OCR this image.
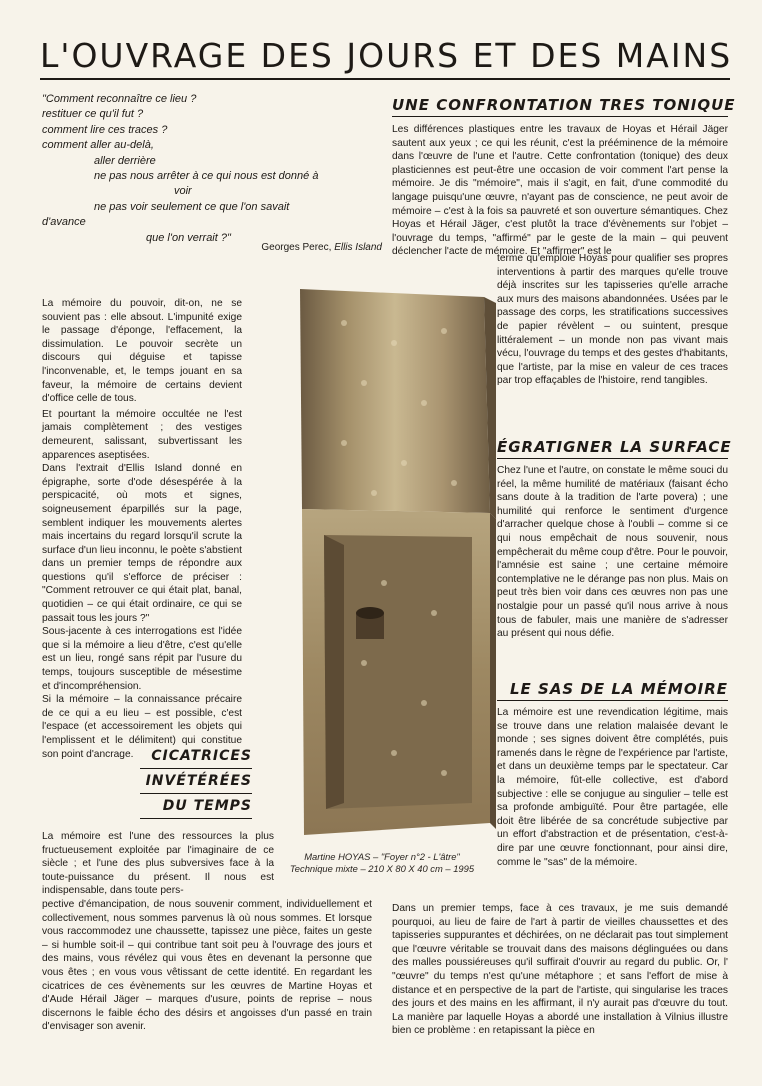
L'OUVRAGE DES JOURS ET DES MAINS
"Comment reconnaître ce lieu ?
restituer ce qu'il fut ?
comment lire ces traces ?
comment aller au-delà,
aller derrière
ne pas nous arrêter à ce qui nous est donné à
voir
ne pas voir seulement ce que l'on savait
d'avance
que l'on verrait ?"
Georges Perec, Ellis Island
UNE CONFRONTATION TRES TONIQUE
Les différences plastiques entre les travaux de Hoyas et Hérail Jäger sautent aux yeux ; ce qui les réunit, c'est la prééminence de la mémoire dans l'œuvre de l'une et l'autre. Cette confrontation (tonique) des deux plasticiennes est peut-être une occasion de voir comment l'art pense la mémoire. Je dis "mémoire", mais il s'agit, en fait, d'une commodité du langage puisqu'une œuvre, n'ayant pas de conscience, ne peut avoir de mémoire – c'est à la fois sa pauvreté et son ouverture sémantiques. Chez Hoyas et Hérail Jäger, c'est plutôt la trace d'évènements sur l'objet – l'ouvrage du temps, "affirmé" par le geste de la main – qui peuvent déclencher l'acte de mémoire. Et "affirmer" est le
terme qu'emploie Hoyas pour qualifier ses propres interventions à partir des marques qu'elle trouve déjà inscrites sur les tapisseries qu'elle arrache aux murs des maisons abandonnées. Usées par le passage des corps, les stratifications successives de papier révèlent – ou suintent, presque littéralement – un monde non pas vivant mais vécu, l'ouvrage du temps et des gestes d'habitants, que l'artiste, par la mise en valeur de ces traces par trop effaçables de l'histoire, rend tangibles.
ÉGRATIGNER LA SURFACE
Chez l'une et l'autre, on constate le même souci du réel, la même humilité de matériaux (faisant écho sans doute à la tradition de l'arte povera) ; une humilité qui renforce le sentiment d'urgence d'arracher quelque chose à l'oubli – comme si ce qui nous empêchait de nous souvenir, nous empêcherait du même coup d'être. Pour le pouvoir, l'amnésie est saine ; une certaine mémoire contemplative ne le dérange pas non plus. Mais on peut très bien voir dans ces œuvres non pas une nostalgie pour un passé qu'il nous arrive à nous tous de fabuler, mais une manière de s'adresser au présent qui nous défie.
LE SAS DE LA MÉMOIRE
La mémoire est une revendication légitime, mais se trouve dans une relation malaisée devant le monde ; ses signes doivent être complétés, puis ramenés dans le règne de l'expérience par l'artiste, et dans un deuxième temps par le spectateur. Car la mémoire, fût-elle collective, est d'abord subjective : elle se conjugue au singulier – telle est sa profonde ambiguïté. Pour être partagée, elle doit être libérée de sa concrétude subjective par un effort d'abstraction et de présentation, c'est-à-dire par une œuvre fonctionnant, pour ainsi dire, comme le "sas" de la mémoire.
Dans un premier temps, face à ces travaux, je me suis demandé pourquoi, au lieu de faire de l'art à partir de vieilles chaussettes et des tapisseries suppurantes et déchirées, on ne déclarait pas tout simplement que l'œuvre véritable se trouvait dans des maisons déglinguées ou dans des malles poussiéreuses qu'il suffirait d'ouvrir au regard du public. Or, l' "œuvre" du temps n'est qu'une métaphore ; et sans l'effort de mise à distance et en perspective de la part de l'artiste, qui singularise les traces des jours et des mains en les affirmant, il n'y aurait pas d'œuvre du tout. La manière par laquelle Hoyas a abordé une installation à Vilnius illustre bien ce problème : en retapissant la pièce en

La mémoire du pouvoir, dit-on, ne se souvient pas : elle absout. L'impunité exige le passage d'éponge, l'effacement, la dissimulation. Le pouvoir secrète un discours qui déguise et tapisse l'inconvenable, et, le temps jouant en sa faveur, la mémoire de certains devient d'office celle de tous.

Et pourtant la mémoire occultée ne l'est jamais complètement ; des vestiges demeurent, salissant, subvertissant les apparences aseptisées.

Dans l'extrait d'Ellis Island donné en épigraphe, sorte d'ode désespérée à la perspicacité, où mots et signes, soigneusement éparpillés sur la page, semblent indiquer les mouvements alertes mais incertains du regard lorsqu'il scrute la surface d'un lieu inconnu, le poète s'abstient dans un premier temps de répondre aux questions qu'il s'efforce de préciser : "Comment retrouver ce qui était plat, banal, quotidien – ce qui était ordinaire, ce qui se passait tous les jours ?"

Sous-jacente à ces interrogations est l'idée que si la mémoire a lieu d'être, c'est qu'elle est un lieu, rongé sans répit par l'usure du temps, toujours susceptible de mésestime et d'incompréhension.

Si la mémoire – la connaissance précaire de ce qui a eu lieu – est possible, c'est l'espace (et accessoirement les objets qui l'emplissent et le délimitent) qui constitue son point d'ancrage.	CICATRICES
INVÉTÉRÉES
DU TEMPS
La mémoire est l'une des ressources la plus fructueusement exploitée par l'imaginaire de ce siècle ; et l'une des plus subversives face à la toute-puissance du présent. Il nous est indispensable, dans toute pers-
pective d'émancipation, de nous souvenir comment, individuellement et collectivement, nous sommes parvenus là où nous sommes. Et lorsque vous raccommodez une chaussette, tapissez une pièce, faites un geste – si humble soit-il – qui contribue tant soit peu à l'ouvrage des jours et des mains, vous révélez qui vous êtes en devenant la personne que vous êtes ; en vous vous vêtissant de cette identité. En regardant les cicatrices de ces évènements sur les œuvres de Martine Hoyas et d'Aude Hérail Jäger – marques d'usure, points de reprise – nous discernons le faible écho des désirs et angoisses d'un passé en train d'envisager son avenir.
Martine HOYAS – "Foyer n°2 - L'âtre"
Technique mixte – 210 X 80 X 40 cm – 1995
